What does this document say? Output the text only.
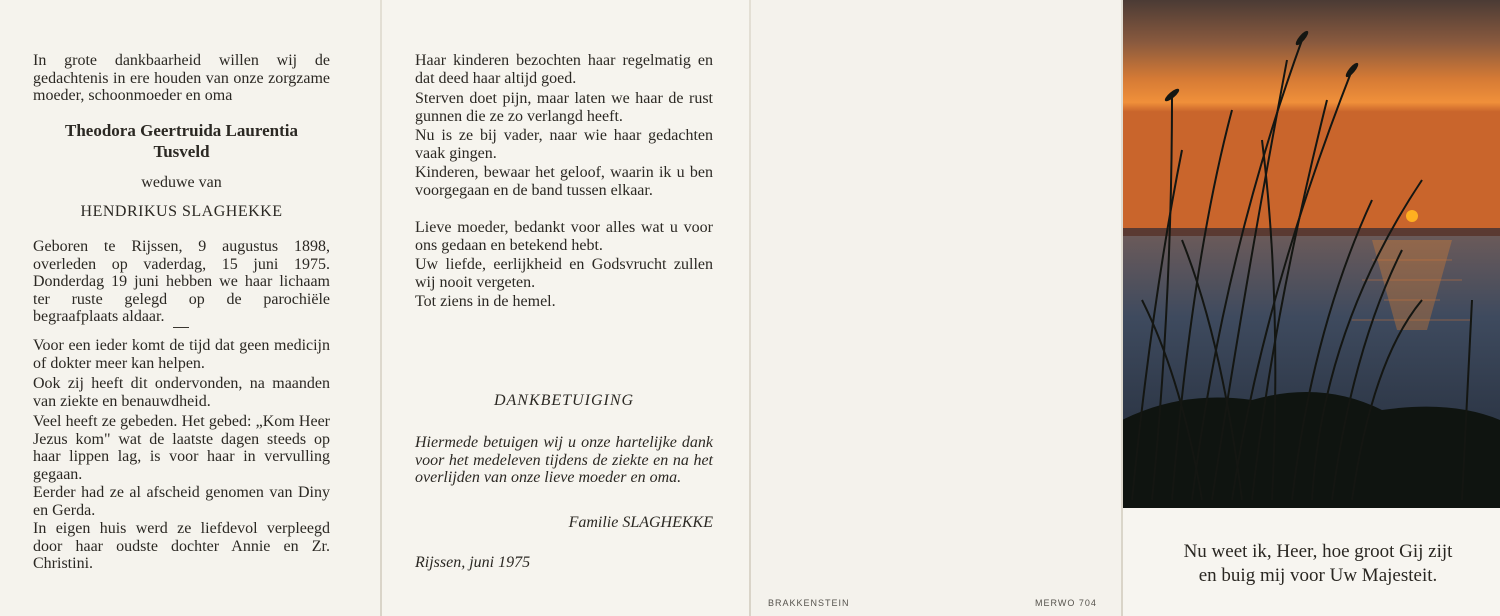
In grote dankbaarheid willen wij de gedachtenis in ere houden van onze zorgzame moeder, schoonmoeder en oma

Theodora Geertruida Laurentia
Tusveld

weduwe van

HENDRIKUS SLAGHEKKE

Geboren te Rijssen, 9 augustus 1898, overleden op vaderdag, 15 juni 1975. Donderdag 19 juni hebben we haar lichaam ter ruste gelegd op de parochiële begraafplaats aldaar.

Voor een ieder komt de tijd dat geen medicijn of dokter meer kan helpen.

Ook zij heeft dit ondervonden, na maanden van ziekte en benauwdheid.

Veel heeft ze gebeden. Het gebed: „Kom Heer Jezus kom" wat de laatste dagen steeds op haar lippen lag, is voor haar in vervulling gegaan.

Eerder had ze al afscheid genomen van Diny en Gerda.

In eigen huis werd ze liefdevol verpleegd door haar oudste dochter Annie en Zr. Christini.

Haar kinderen bezochten haar regelmatig en dat deed haar altijd goed.

Sterven doet pijn, maar laten we haar de rust gunnen die ze zo verlangd heeft.

Nu is ze bij vader, naar wie haar gedachten vaak gingen.

Kinderen, bewaar het geloof, waarin ik u ben voorgegaan en de band tussen elkaar.

Lieve moeder, bedankt voor alles wat u voor ons gedaan en betekend hebt.

Uw liefde, eerlijkheid en Godsvrucht zullen wij nooit vergeten.

Tot ziens in de hemel.

DANKBETUIGING

Hiermede betuigen wij u onze hartelijke dank voor het medeleven tijdens de ziekte en na het overlijden van onze lieve moeder en oma.

Familie SLAGHEKKE

Rijssen, juni 1975

BRAKKENSTEIN	MERWO 704
Nu weet ik, Heer, hoe groot Gij zijt
en buig mij voor Uw Majesteit.
